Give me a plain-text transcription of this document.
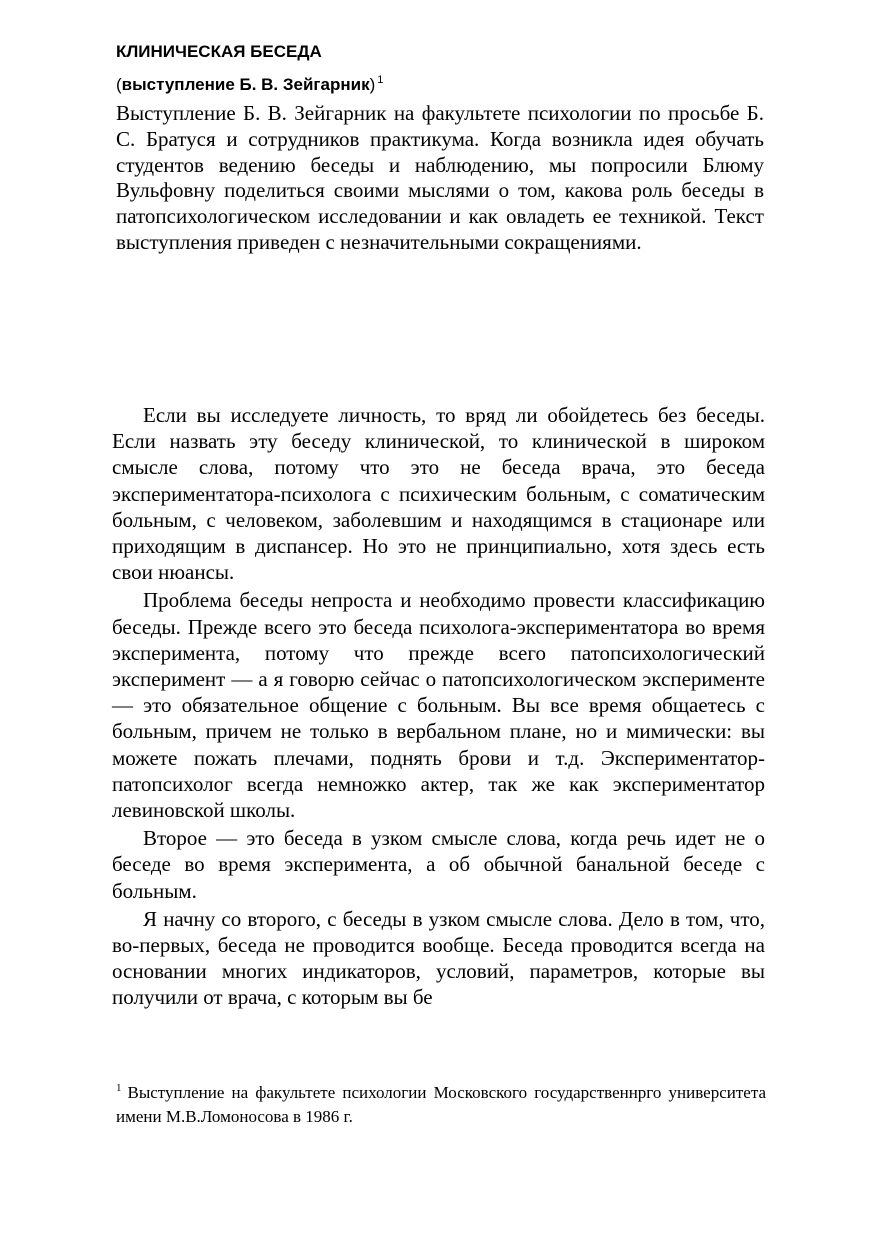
КЛИНИЧЕСКАЯ БЕСЕДА
(выступление Б. В. Зейгарник) $^1$

Выступление Б. В. Зейгарник на факультете психологии по просьбе Б. С. Братуся и сотрудников практикума. Когда возникла идея обучать студентов ведению беседы и наблюдению, мы попросили Блюму Вульфовну поделиться своими мыслями о том, какова роль беседы в патопсихологическом исследовании и как овладеть ее техникой. Текст выступления приведен с незначительными сокращениями.

Если вы исследуете личность, то вряд ли обойдетесь без беседы. Если назвать эту беседу клинической, то клинической в широком смысле слова, потому что это не беседа врача, это беседа экспериментатора-психолога с психическим больным, с соматическим больным, с человеком, заболевшим и находящимся в стационаре или приходящим в диспансер. Но это не принципиально, хотя здесь есть свои нюансы.

Проблема беседы непроста и необходимо провести классификацию беседы. Прежде всего это беседа психолога-экспериментатора во время эксперимента, потому что прежде всего патопсихологический эксперимент — а я говорю сейчас о патопсихологическом эксперименте — это обязательное общение с больным. Вы все время общаетесь с больным, причем не только в вербальном плане, но и мимически: вы можете пожать плечами, поднять брови и т.д. Экспериментатор-патопсихолог всегда немножко актер, так же как экспериментатор левиновской школы.

Второе — это беседа в узком смысле слова, когда речь идет не о беседе во время эксперимента, а об обычной банальной беседе с больным.

Я начну со второго, с беседы в узком смысле слова. Дело в том, что, во-первых, беседа не проводится вообще. Беседа проводится всегда на основании многих индикаторов, условий, параметров, которые вы получили от врача, с которым вы бе

$^1$ Выступление на факультете психологии Московского государственнрго университета имени М.В.Ломоносова в 1986 г.
